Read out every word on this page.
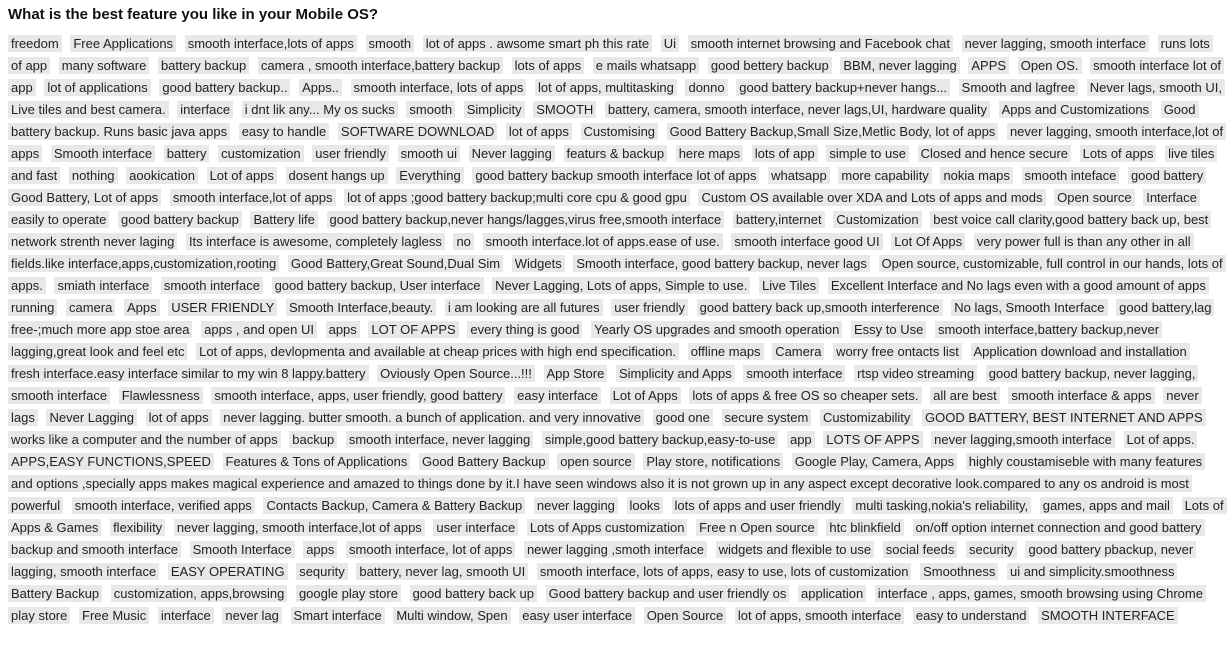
What is the best feature you like in your Mobile OS?
freedom Free Applications smooth interface,lots of apps smooth lot of apps . awsome smart ph this rate Ui smooth internet browsing and Facebook chat never lagging, smooth interface runs lots of app many software battery backup camera , smooth interface,battery backup lots of apps e mails whatsapp good bettery backup BBM, never lagging APPS Open OS. smooth interface lot of app lot of applications good battery backup.. Apps.. smooth interface, lots of apps lot of apps, multitasking donno good battery backup+never hangs... Smooth and lagfree Never lags, smooth UI, Live tiles and best camera. interface i dnt lik any... My os sucks smooth Simplicity SMOOTH battery, camera, smooth interface, never lags,UI, hardware quality Apps and Customizations Good battery backup. Runs basic java apps easy to handle SOFTWARE DOWNLOAD lot of apps Customising Good Battery Backup,Small Size,Metlic Body, lot of apps never lagging, smooth interface,lot of apps Smooth interface battery customization user friendly smooth ui Never lagging featurs & backup here maps lots of app simple to use Closed and hence secure Lots of apps live tiles and fast nothing aookication Lot of apps dosent hangs up Everything good battery backup smooth interface lot of apps whatsapp more capability nokia maps smooth inteface good battery Good Battery, Lot of apps smooth interface,lot of apps lot of apps ;good battery backup;multi core cpu & good gpu Custom OS available over XDA and Lots of apps and mods Open source Interface easily to operate good battery backup Battery life good battery backup,never hangs/lagges,virus free,smooth interface battery,internet Customization best voice call clarity,good battery back up, best network strenth never laging Its interface is awesome, completely lagless no smooth interface.lot of apps.ease of use. smooth interface good UI Lot Of Apps very power full is than any other in all fields.like interface,apps,customization,rooting Good Battery,Great Sound,Dual Sim Widgets Smooth interface, good battery backup, never lags Open source, customizable, full control in our hands, lots of apps. smiath interface smooth interface good battery backup, User interface Never Lagging, Lots of apps, Simple to use. Live Tiles Excellent Interface and No lags even with a good amount of apps running camera Apps USER FRIENDLY Smooth Interface,beauty. i am looking are all futures user friendly good battery back up,smooth interference No lags, Smooth Interface good battery,lag free-;much more app stoe area apps , and open UI apps LOT OF APPS every thing is good Yearly OS upgrades and smooth operation Essy to Use smooth interface,battery backup,never lagging,great look and feel etc Lot of apps, devlopmenta and available at cheap prices with high end specification. offline maps Camera worry free ontacts list Application download and installation fresh interface.easy interface similar to my win 8 lappy.battery Oviously Open Source...!!! App Store Simplicity and Apps smooth interface rtsp video streaming good battery backup, never lagging, smooth interface Flawlessness smooth interface, apps, user friendly, good battery easy interface Lot of Apps lots of apps & free OS so cheaper sets. all are best smooth interface & apps never lags Never Lagging lot of apps never lagging. butter smooth. a bunch of application. and very innovative good one secure system Customizability GOOD BATTERY, BEST INTERNET AND APPS works like a computer and the number of apps backup smooth interface, never lagging simple,good battery backup,easy-to-use app LOTS OF APPS never lagging,smooth interface Lot of apps. APPS,EASY FUNCTIONS,SPEED Features & Tons of Applications Good Battery Backup open source Play store, notifications Google Play, Camera, Apps highly coustamiseble with many features and options ,specially apps makes magical experience and amazed to things done by it.I have seen windows also it is not grown up in any aspect except decorative look.compared to any os android is most powerful smooth interface, verified apps Contacts Backup, Camera & Battery Backup never lagging looks lots of apps and user friendly multi tasking,nokia's reliability, games, apps and mail Lots of Apps & Games flexibility never lagging, smooth interface,lot of apps user interface Lots of Apps customization Free n Open source htc blinkfield on/off option internet connection and good battery backup and smooth interface Smooth Interface apps smooth interface, lot of apps newer lagging ,smoth interface widgets and flexible to use social feeds security good battery pbackup, never lagging, smooth interface EASY OPERATING sequrity battery, never lag, smooth UI smooth interface, lots of apps, easy to use, lots of customization Smoothness ui and simplicity.smoothness Battery Backup customization, apps,browsing google play store good battery back up Good battery backup and user friendly os application interface , apps, games, smooth browsing using Chrome play store Free Music interface never lag Smart interface Multi window, Spen easy user interface Open Source lot of apps, smooth interface easy to understand SMOOTH INTERFACE
